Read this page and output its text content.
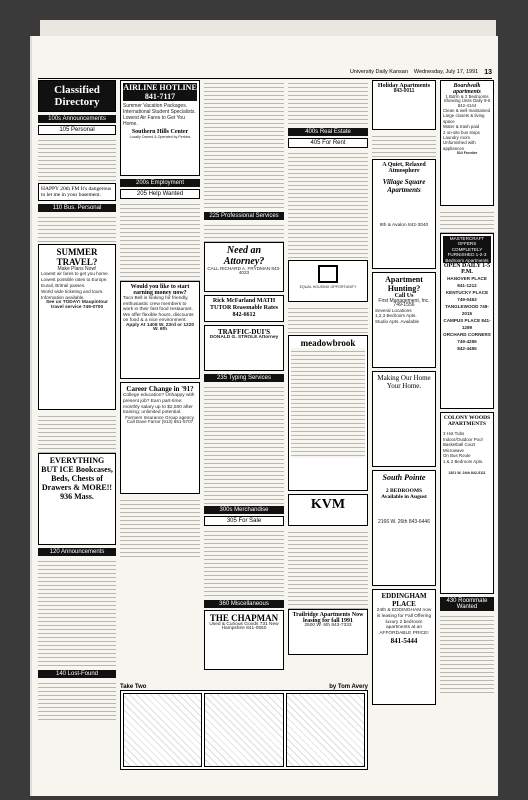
University Daily Kansan Wednesday, July 17, 1991 13
Classified Directory
100s Announcements
105 Personal
HAPPY 20th FM It's dangerous to let me in your basement.
110 Bus. Personal
SUMMER TRAVEL?
Make Plans Now!
Lowest air fares to get you home.
Lowest possible rates to Europe.
Eurail, Britrail passes.
World wide ticketing and tours.
Information available.
See us TODAY! Maupintour travel service 749-0700
EVERYTHING BUT ICE Bookcases, Beds, Chests of Drawers & MORE!! 936 Mass.
120 Announcements
140 Lost-Found
AIRLINE HOTLINE 841-7117
Summer Vacation Packages. International Student Specialists. Lowest Air Fares to Get You Home.
Southern Hills Center
Locally Owned & Operated by Perkins
200s Employment
205 Help Wanted
Would you like to start earning money now?
Taco Bell is looking for friendly, enthusiastic crew members to work in their fast food restaurant. We offer flexible hours, discounts on food & a nice environment.
Apply At 1408 W. 23rd or 1220 W. 6th
Career Change in '91?
College education? Unhappy with present job? Earn part-time: monthly salary up to $2,500 after training; unlimited potential.
Farmers Insurance Group agency. Call Dave Farrar (913) 651-5707
225 Professional Services
Need an Attorney?
CALL RICHARD A. FRYDMAN 843-4023
Rick McFarland MATH TUTOR Reasonable Rates 842-6612
TRAFFIC-DUI'S
DONALD G. STROLE Attorney
235 Typing Services
300s Merchandise
305 For Sale
360 Miscellaneous
THE CHAPMAN
Used & Curious Goods 731 New Hampshire 841-0550
400s Real Estate
405 For Rent
EQUAL HOUSING OPPORTUNITY
meadowbrook
KVM
Trailridge Apartments Now leasing for fall 1991
2500 W. 6th 843-7333
Holiday Apartments
843-0011
A Quiet, Relaxed Atmosphere
Village Square Apartments
9th & Avalon 842-3040
Apartment Hunting?
Call Us
First Management, Inc. 749-1556
Several Locations
1,2,3 Bedroom Apts.
Studio Apts. Available
Making Our Home Your Home.
South Pointe
2 BEDROOMS Available in August
2166 W. 26th 843-6446
EDDINGHAM PLACE
24th & EDDINGHAM now is leasing for Fall Offering luxury 2 bedroom apartments at an AFFORDABLE PRICE!
841-5444
Boardwalk apartments
1 Bdrm & 2 Bedrooms Showing Units Daily 9-6 842-4144
Clean & well maintained
Large closets & living space
Water & trash paid
2 on-site bus stops
Laundry room
Unfurnished with appliances
524 Frontier
MASTERCRAFT OFFERS COMPLETELY FURNISHED 1-2-3 Bedroom Apartments
OPEN DAILY 1-5 P.M.
HANOVER PLACE 841-1212
KENTUCKY PLACE 749-0463
TANGLEWOOD 749-2015
CAMPUS PLACE 841-1289
ORCHARD CORNERS 749-4255
842-4455
COLONY WOODS APARTMENTS
3 Hot Tubs
Indoor/Outdoor Pool
Basketball Court
Microwave
On Bus Route
1 & 2 Bedroom Apts.
1301 W. 24th 842-5111
430 Roommate Wanted
Take Two	by Tom Avery
